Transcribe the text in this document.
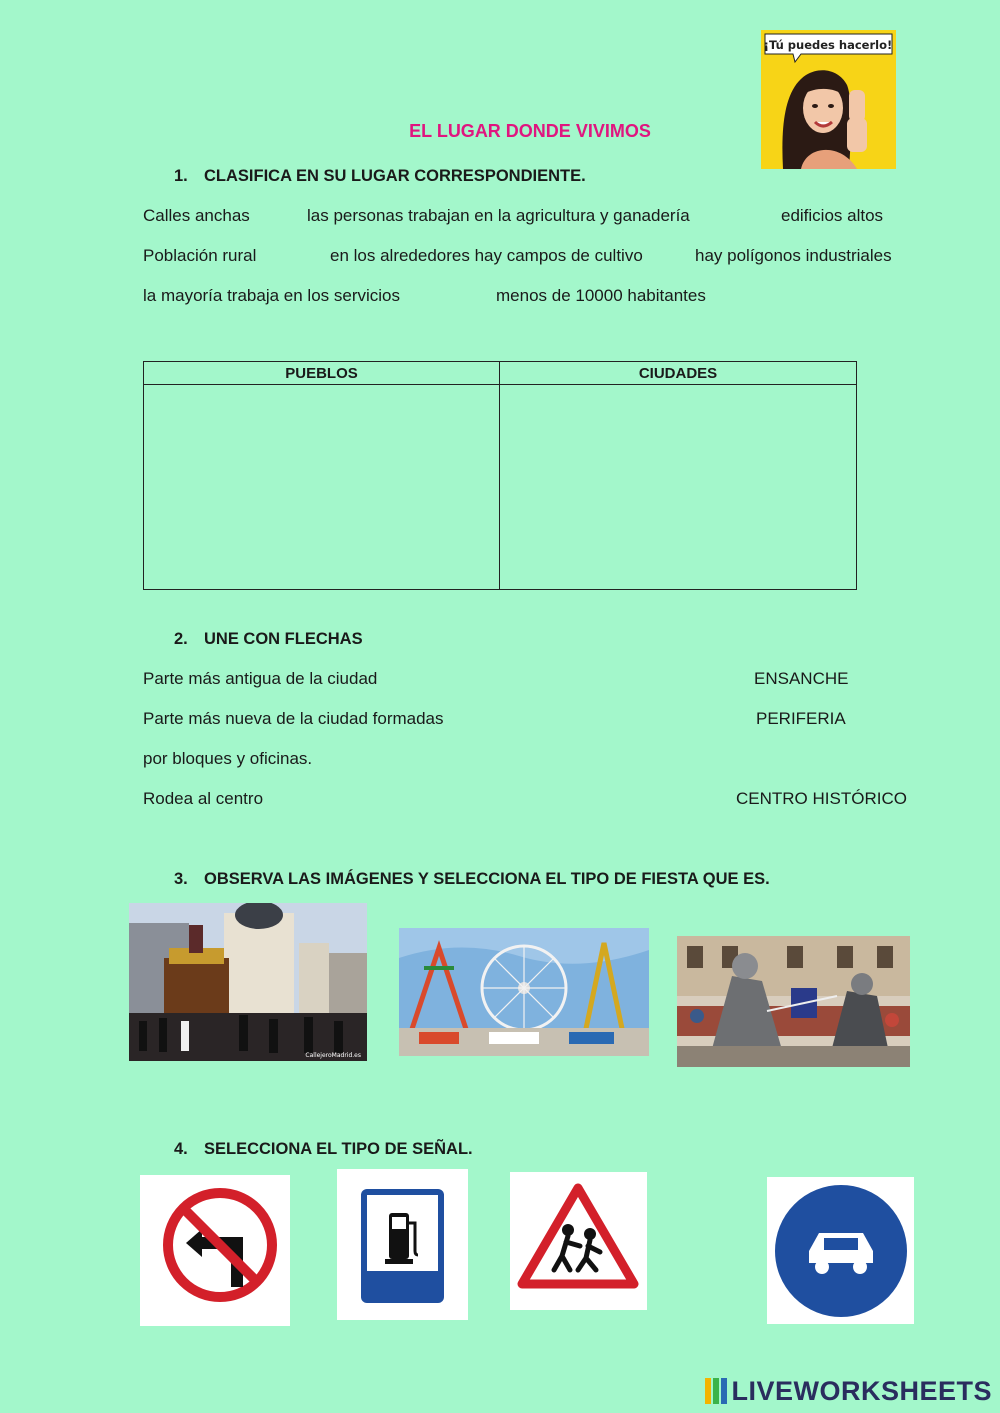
¡Tú puedes hacerlo!
EL LUGAR DONDE VIVIMOS
1. CLASIFICA EN SU LUGAR CORRESPONDIENTE.
Calles anchas	las personas trabajan en la agricultura y ganadería	edificios altos
Población rural	en los alrededores hay campos de cultivo	hay polígonos industriales
la mayoría trabaja en los servicios	menos de 10000 habitantes
PUEBLOS	CIUDADES

2. UNE CON FLECHAS
Parte más antigua de la ciudad
Parte más nueva de la ciudad formadas
por bloques y oficinas.
Rodea al centro
ENSANCHE
PERIFERIA
CENTRO HISTÓRICO
3. OBSERVA LAS IMÁGENES Y SELECCIONA EL TIPO DE FIESTA QUE ES.
CallejeroMadrid.es
4. SELECCIONA EL TIPO DE SEÑAL.
LIVEWORKSHEETS
